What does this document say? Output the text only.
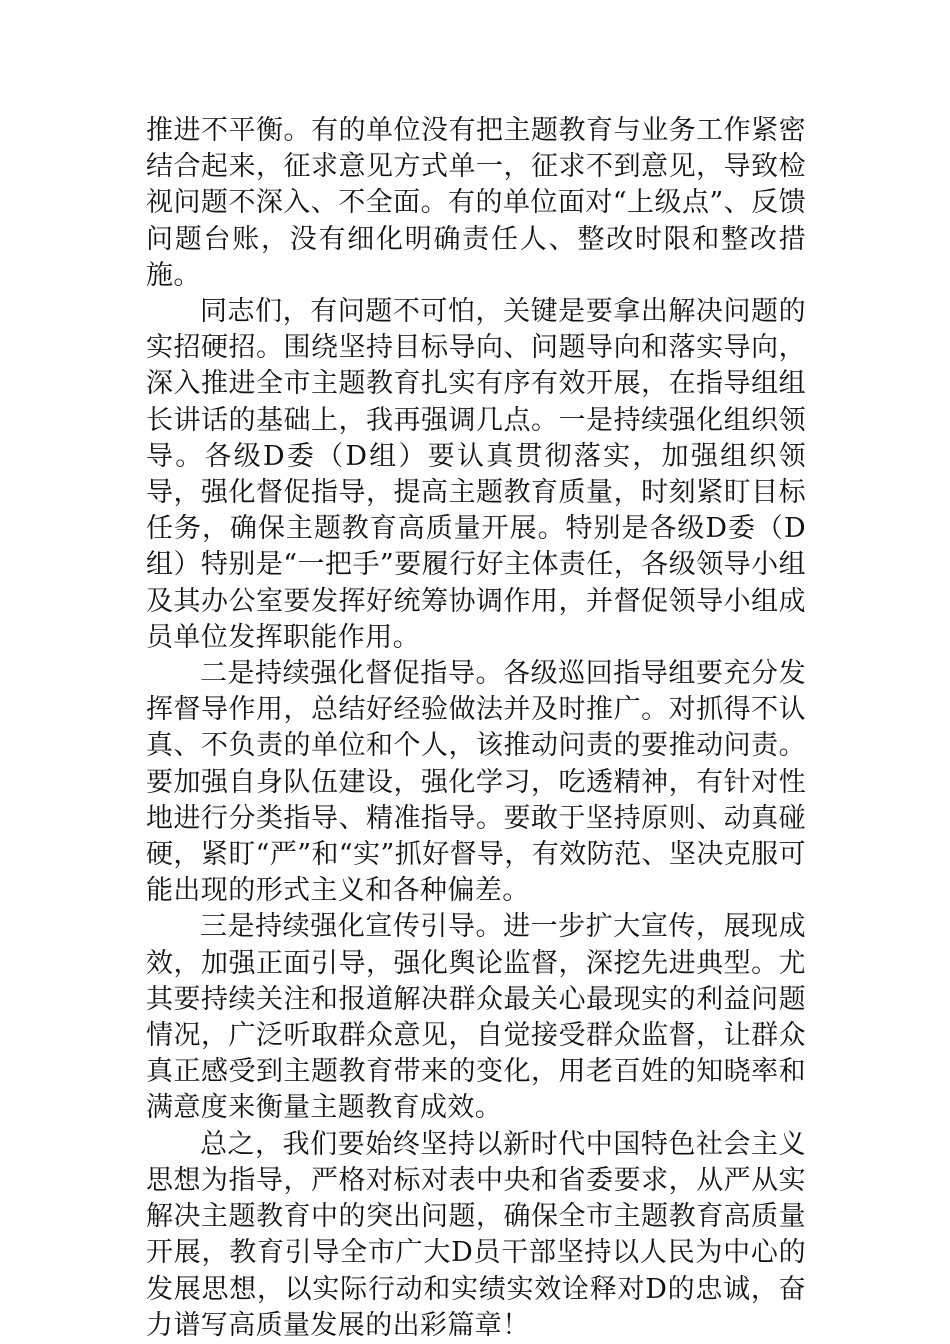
推进不平衡。有的单位没有把主题教育与业务工作紧密结合起来，征求意见方式单一，征求不到意见，导致检视问题不深入、不全面。有的单位面对“上级点”、反馈问题台账，没有细化明确责任人、整改时限和整改措施。

同志们，有问题不可怕，关键是要拿出解决问题的实招硬招。围绕坚持目标导向、问题导向和落实导向，深入推进全市主题教育扎实有序有效开展，在指导组组长讲话的基础上，我再强调几点。一是持续强化组织领导。各级D委（D组）要认真贯彻落实，加强组织领导，强化督促指导，提高主题教育质量，时刻紧盯目标任务，确保主题教育高质量开展。特别是各级D委（D组）特别是“一把手”要履行好主体责任，各级领导小组及其办公室要发挥好统筹协调作用，并督促领导小组成员单位发挥职能作用。

二是持续强化督促指导。各级巡回指导组要充分发挥督导作用，总结好经验做法并及时推广。对抓得不认真、不负责的单位和个人，该推动问责的要推动问责。要加强自身队伍建设，强化学习，吃透精神，有针对性地进行分类指导、精准指导。要敢于坚持原则、动真碰硬，紧盯“严”和“实”抓好督导，有效防范、坚决克服可能出现的形式主义和各种偏差。

三是持续强化宣传引导。进一步扩大宣传，展现成效，加强正面引导，强化舆论监督，深挖先进典型。尤其要持续关注和报道解决群众最关心最现实的利益问题情况，广泛听取群众意见，自觉接受群众监督，让群众真正感受到主题教育带来的变化，用老百姓的知晓率和满意度来衡量主题教育成效。

总之，我们要始终坚持以新时代中国特色社会主义思想为指导，严格对标对表中央和省委要求，从严从实解决主题教育中的突出问题，确保全市主题教育高质量开展，教育引导全市广大D员干部坚持以人民为中心的发展思想，以实际行动和实绩实效诠释对D的忠诚，奋力谱写高质量发展的出彩篇章！
